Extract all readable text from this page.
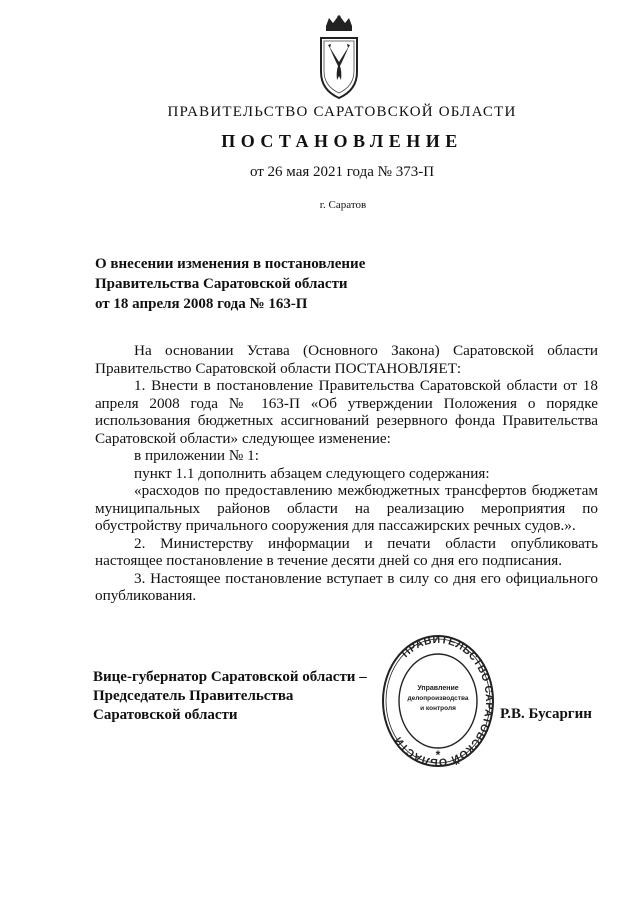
ПРАВИТЕЛЬСТВО САРАТОВСКОЙ ОБЛАСТИ
ПОСТАНОВЛЕНИЕ
от 26 мая 2021 года № 373-П
г. Саратов
О внесении изменения в постановление
Правительства Саратовской области
от 18 апреля 2008 года № 163-П

На основании Устава (Основного Закона) Саратовской области Правительство Саратовской области ПОСТАНОВЛЯЕТ:

1. Внести в постановление Правительства Саратовской области от 18 апреля 2008 года № 163-П «Об утверждении Положения о порядке использования бюджетных ассигнований резервного фонда Правительства Саратовской области» следующее изменение:

в приложении № 1:

пункт 1.1 дополнить абзацем следующего содержания:

«расходов по предоставлению межбюджетных трансфертов бюджетам муниципальных районов области на реализацию мероприятия по обустройству причального сооружения для пассажирских речных судов.».

2. Министерству информации и печати области опубликовать настоящее постановление в течение десяти дней со дня его подписания.

3. Настоящее постановление вступает в силу со дня его официального опубликования.

Вице-губернатор Саратовской области –
Председатель Правительства
Саратовской области
ПРАВИТЕЛЬСТВО САРАТОВСКОЙ ОБЛАСТИ
Управление
делопроизводства
и контроля
*
Р.В. Бусаргин
